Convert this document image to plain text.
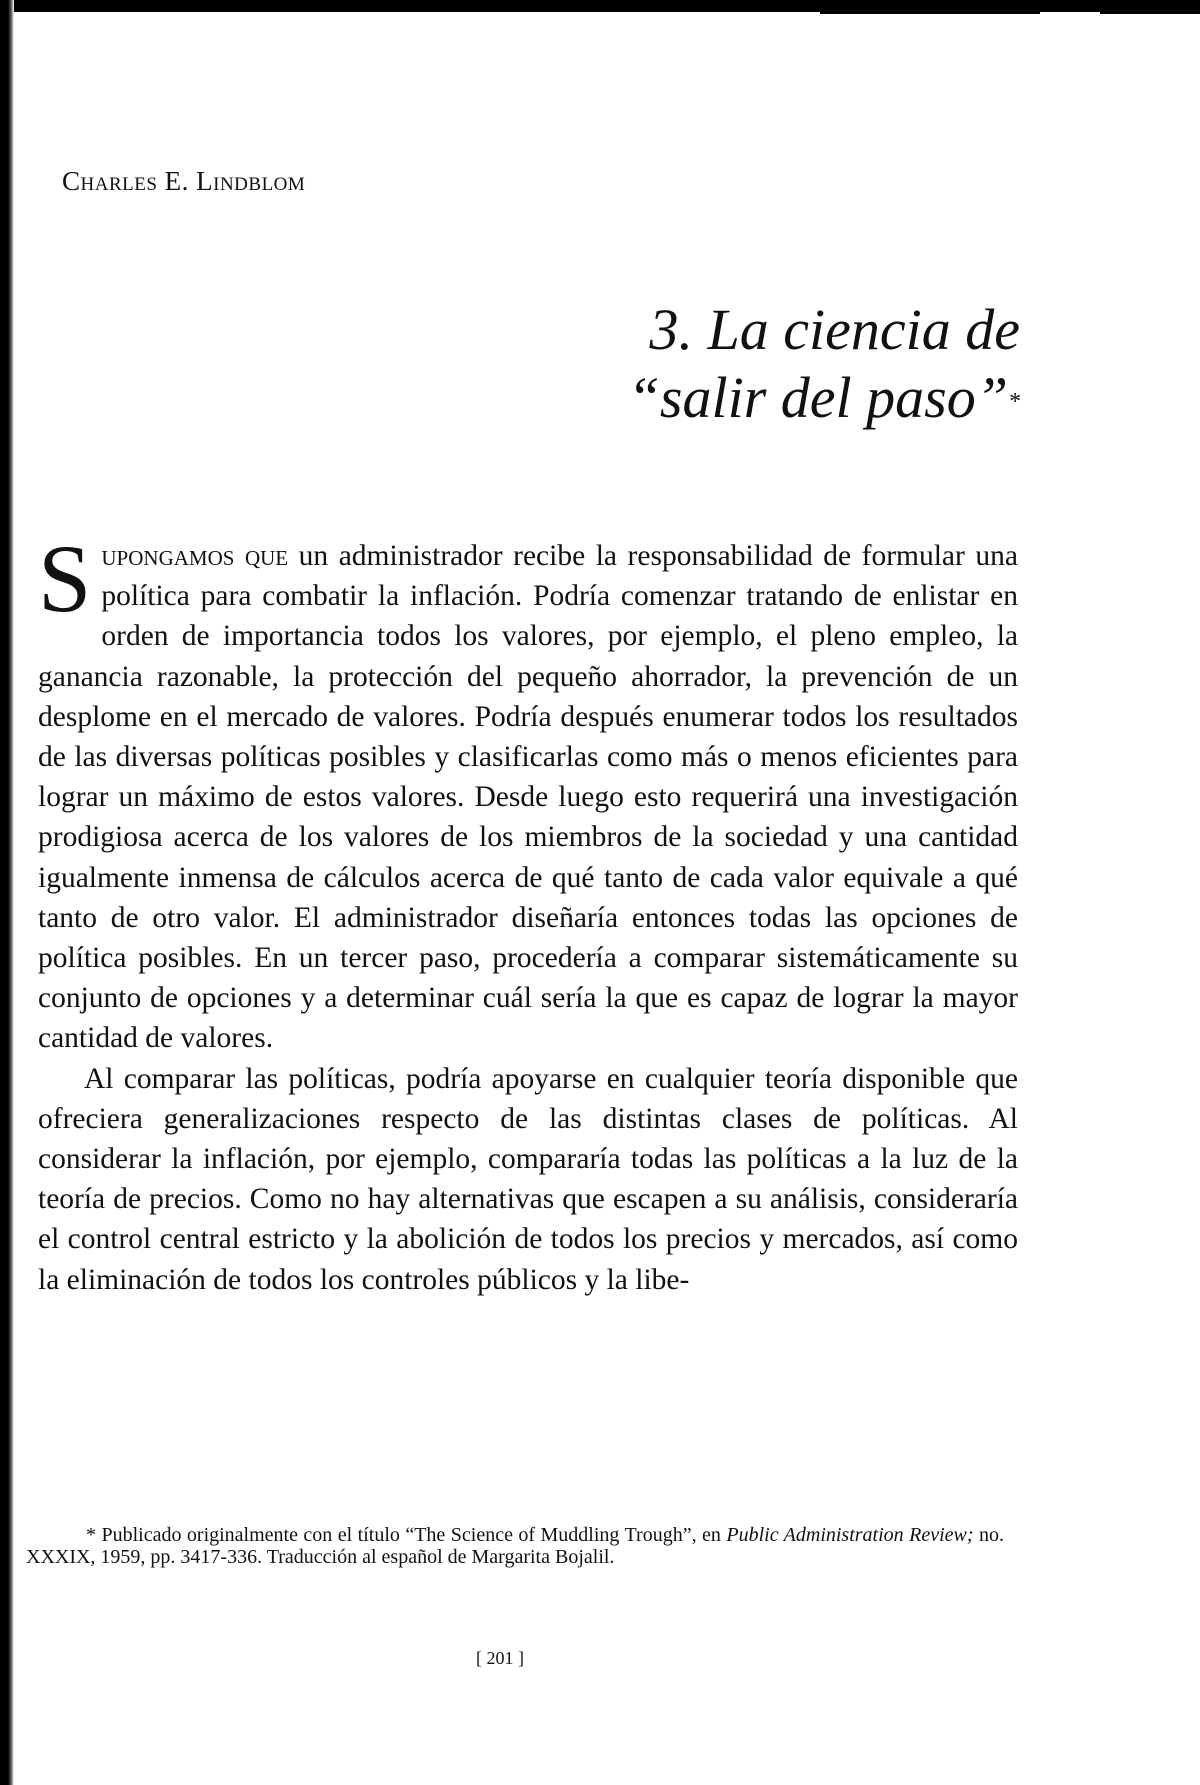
Charles E. Lindblom

3. La ciencia de
“salir del paso”*

Supongamos que un administrador recibe la responsabilidad de formular una política para combatir la inflación. Podría comenzar tratando de enlistar en orden de importancia todos los valores, por ejemplo, el pleno empleo, la ganancia razonable, la protección del pequeño ahorrador, la prevención de un desplome en el mercado de valores. Podría después enumerar todos los resultados de las diversas políticas posibles y clasificarlas como más o menos eficientes para lograr un máximo de estos valores. Desde luego esto requerirá una investigación prodigiosa acerca de los valores de los miembros de la sociedad y una cantidad igualmente inmensa de cálculos acerca de qué tanto de cada valor equivale a qué tanto de otro valor. El administrador diseñaría entonces todas las opciones de política posibles. En un tercer paso, procedería a comparar sistemáticamente su conjunto de opciones y a determinar cuál sería la que es capaz de lograr la mayor cantidad de valores.

Al comparar las políticas, podría apoyarse en cualquier teoría disponible que ofreciera generalizaciones respecto de las distintas clases de políticas. Al considerar la inflación, por ejemplo, compararía todas las políticas a la luz de la teoría de precios. Como no hay alternativas que escapen a su análisis, consideraría el control central estricto y la abolición de todos los precios y mercados, así como la eliminación de todos los controles públicos y la libe-

* Publicado originalmente con el título “The Science of Muddling Trough”, en Public Administration Review; no. XXXIX, 1959, pp. 3417-336. Traducción al español de Margarita Bojalil.

[ 201 ]
